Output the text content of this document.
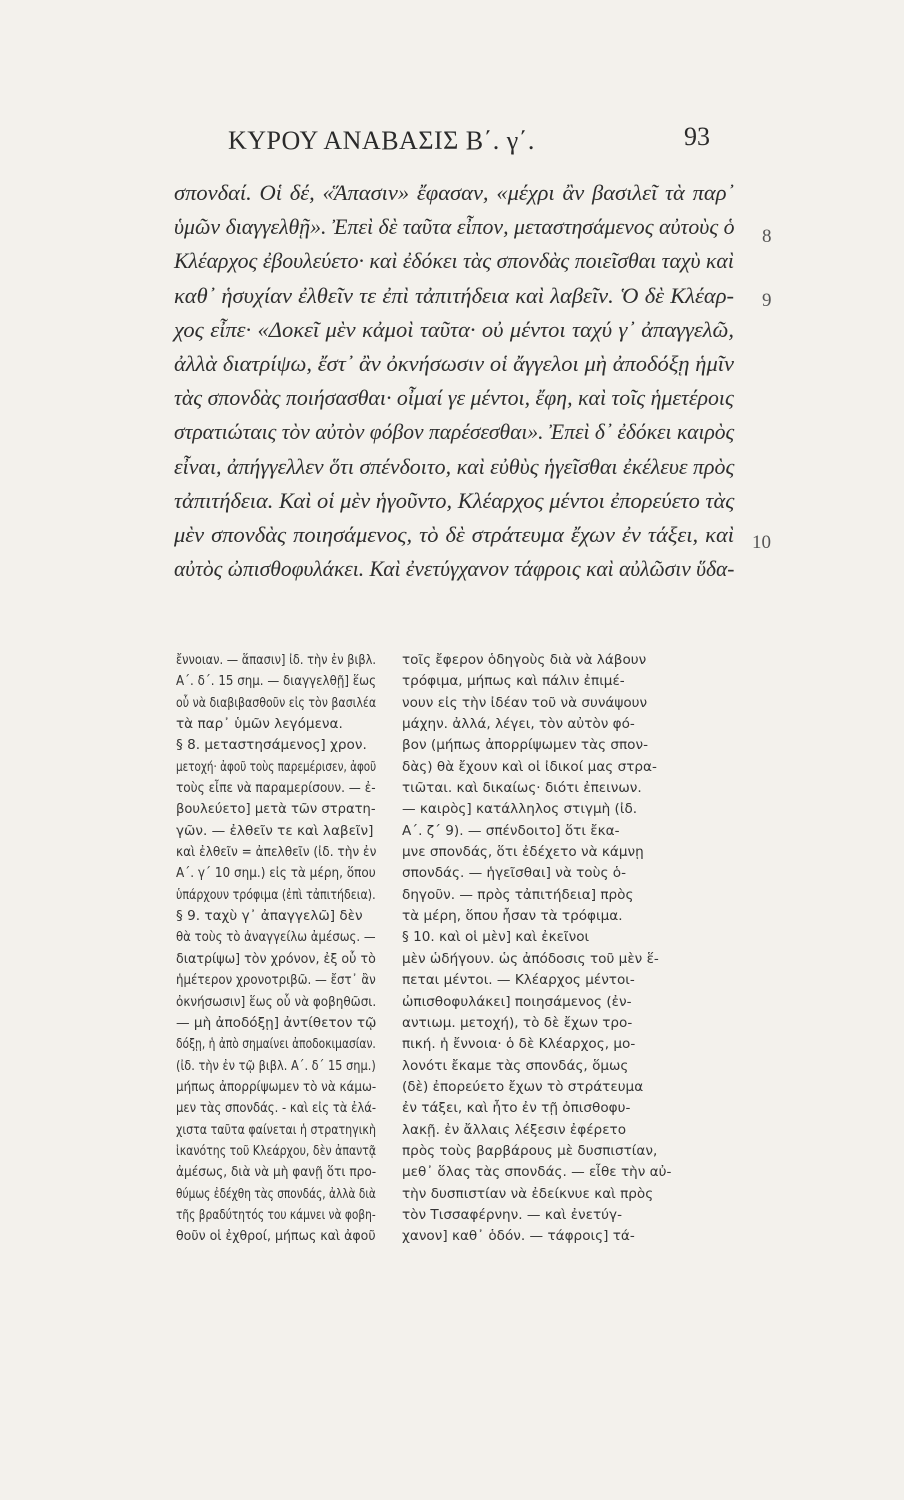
ΚΥΡΟΥ ΑΝΑΒΑΣΙΣ Β΄. γ΄.	93
σπονδαί. Οἱ δέ, «Ἅπασιν» ἔφασαν, «μέχρι ἂν βασιλεῖ τὰ παρ᾽
ὑμῶν διαγγελθῇ». Ἐπεὶ δὲ ταῦτα εἶπον, μεταστησάμενος αὐτοὺς ὁ
Κλέαρχος ἐβουλεύετο· καὶ ἐδόκει τὰς σπονδὰς ποιεῖσθαι ταχὺ καὶ
καθ᾽ ἡσυχίαν ἐλθεῖν τε ἐπὶ τἀπιτήδεια καὶ λαβεῖν. Ὁ δὲ Κλέαρ-
χος εἶπε· «Δοκεῖ μὲν κἀμοὶ ταῦτα· οὐ μέντοι ταχύ γ᾽ ἀπαγγελῶ,
ἀλλὰ διατρίψω, ἔστ᾽ ἂν ὀκνήσωσιν οἱ ἄγγελοι μὴ ἀποδόξῃ ἡμῖν
τὰς σπονδὰς ποιήσασθαι· οἶμαί γε μέντοι, ἔφη, καὶ τοῖς ἡμετέροις
στρατιώταις τὸν αὐτὸν φόβον παρέσεσθαι». Ἐπεὶ δ᾽ ἐδόκει καιρὸς
εἶναι, ἀπήγγελλεν ὅτι σπένδοιτο, καὶ εὐθὺς ἡγεῖσθαι ἐκέλευε πρὸς
τἀπιτήδεια. Καὶ οἱ μὲν ἡγοῦντο, Κλέαρχος μέντοι ἐπορεύετο τὰς
μὲν σπονδὰς ποιησάμενος, τὸ δὲ στράτευμα ἔχων ἐν τάξει, καὶ
αὐτὸς ὠπισθοφυλάκει. Καὶ ἐνετύγχανον τάφροις καὶ αὐλῶσιν ὕδα-
8
9
10
ἔννοιαν. — ἅπασιν] ἰδ. τὴν ἐν βιβλ.
Α΄. δ΄. 15 σημ. — διαγγελθῇ] ἕως
οὗ νὰ διαβιβασθοῦν εἰς τὸν βασιλέα
τὰ παρ᾽ ὑμῶν λεγόμενα.
§ 8. μεταστησάμενος] χρον.
μετοχή· ἀφοῦ τοὺς παρεμέρισεν, ἀφοῦ
τοὺς εἶπε νὰ παραμερίσουν. — ἐ-
βουλεύετο] μετὰ τῶν στρατη-
γῶν. — ἐλθεῖν τε καὶ λαβεῖν]
καὶ ἐλθεῖν = ἀπελθεῖν (ἰδ. τὴν ἐν
Α΄. γ΄ 10 σημ.) εἰς τὰ μέρη, ὅπου
ὑπάρχουν τρόφιμα (ἐπὶ τἀπιτήδεια).
§ 9. ταχὺ γ᾽ ἀπαγγελῶ] δὲν
θὰ τοὺς τὸ ἀναγγείλω ἀμέσως. —
διατρίψω] τὸν χρόνον, ἐξ οὗ τὸ
ἡμέτερον χρονοτριβῶ. — ἔστ᾽ ἂν
ὀκνήσωσιν] ἕως οὗ νὰ φοβηθῶσι.
— μὴ ἀποδόξῃ] ἀντίθετον τῷ
δόξῃ, ἡ ἀπὸ σημαίνει ἀποδοκιμασίαν.
(ἰδ. τὴν ἐν τῷ βιβλ. Α΄. δ΄ 15 σημ.)
μήπως ἀπορρίψωμεν τὸ νὰ κάμω-
μεν τὰς σπονδάς. - καὶ εἰς τὰ ἐλά-
χιστα ταῦτα φαίνεται ἡ στρατηγικὴ
ἱκανότης τοῦ Κλεάρχου, δὲν ἀπαντᾷ
ἀμέσως, διὰ νὰ μὴ φανῇ ὅτι προ-
θύμως ἐδέχθη τὰς σπονδάς, ἀλλὰ διὰ
τῆς βραδύτητός του κάμνει νὰ φοβη-
θοῦν οἱ ἐχθροί, μήπως καὶ ἀφοῦ
τοῖς ἔφερον ὁδηγοὺς διὰ νὰ λάβουν
τρόφιμα, μήπως καὶ πάλιν ἐπιμέ-
νουν εἰς τὴν ἰδέαν τοῦ νὰ συνάψουν
μάχην. ἀλλά, λέγει, τὸν αὐτὸν φό-
βον (μήπως ἀπορρίψωμεν τὰς σπον-
δὰς) θὰ ἔχουν καὶ οἱ ἰδικοί μας στρα-
τιῶται. καὶ δικαίως· διότι ἐπεινων.
— καιρὸς] κατάλληλος στιγμὴ (ἰδ.
Α΄. ζ΄ 9). — σπένδοιτο] ὅτι ἔκα-
μνε σπονδάς, ὅτι ἐδέχετο νὰ κάμνῃ
σπονδάς. — ἡγεῖσθαι] νὰ τοὺς ὁ-
δηγοῦν. — πρὸς τἀπιτήδεια] πρὸς
τὰ μέρη, ὅπου ἦσαν τὰ τρόφιμα.
§ 10. καὶ οἱ μὲν] καὶ ἐκεῖνοι
μὲν ὡδήγουν. ὡς ἀπόδοσις τοῦ μὲν ἕ-
πεται μέντοι. — Κλέαρχος μέντοι-
ὠπισθοφυλάκει] ποιησάμενος (ἐν-
αντιωμ. μετοχή), τὸ δὲ ἔχων τρο-
πική. ἡ ἔννοια· ὁ δὲ Κλέαρχος, μο-
λονότι ἔκαμε τὰς σπονδάς, ὅμως
(δὲ) ἐπορεύετο ἔχων τὸ στράτευμα
ἐν τάξει, καὶ ἦτο ἐν τῇ ὀπισθοφυ-
λακῇ. ἐν ἄλλαις λέξεσιν ἐφέρετο
πρὸς τοὺς βαρβάρους μὲ δυσπιστίαν,
μεθ᾽ ὅλας τὰς σπονδάς. — εἶθε τὴν αὐ-
τὴν δυσπιστίαν νὰ ἐδείκνυε καὶ πρὸς
τὸν Τισσαφέρνην. — καὶ ἐνετύγ-
χανον] καθ᾽ ὁδόν. — τάφροις] τά-
